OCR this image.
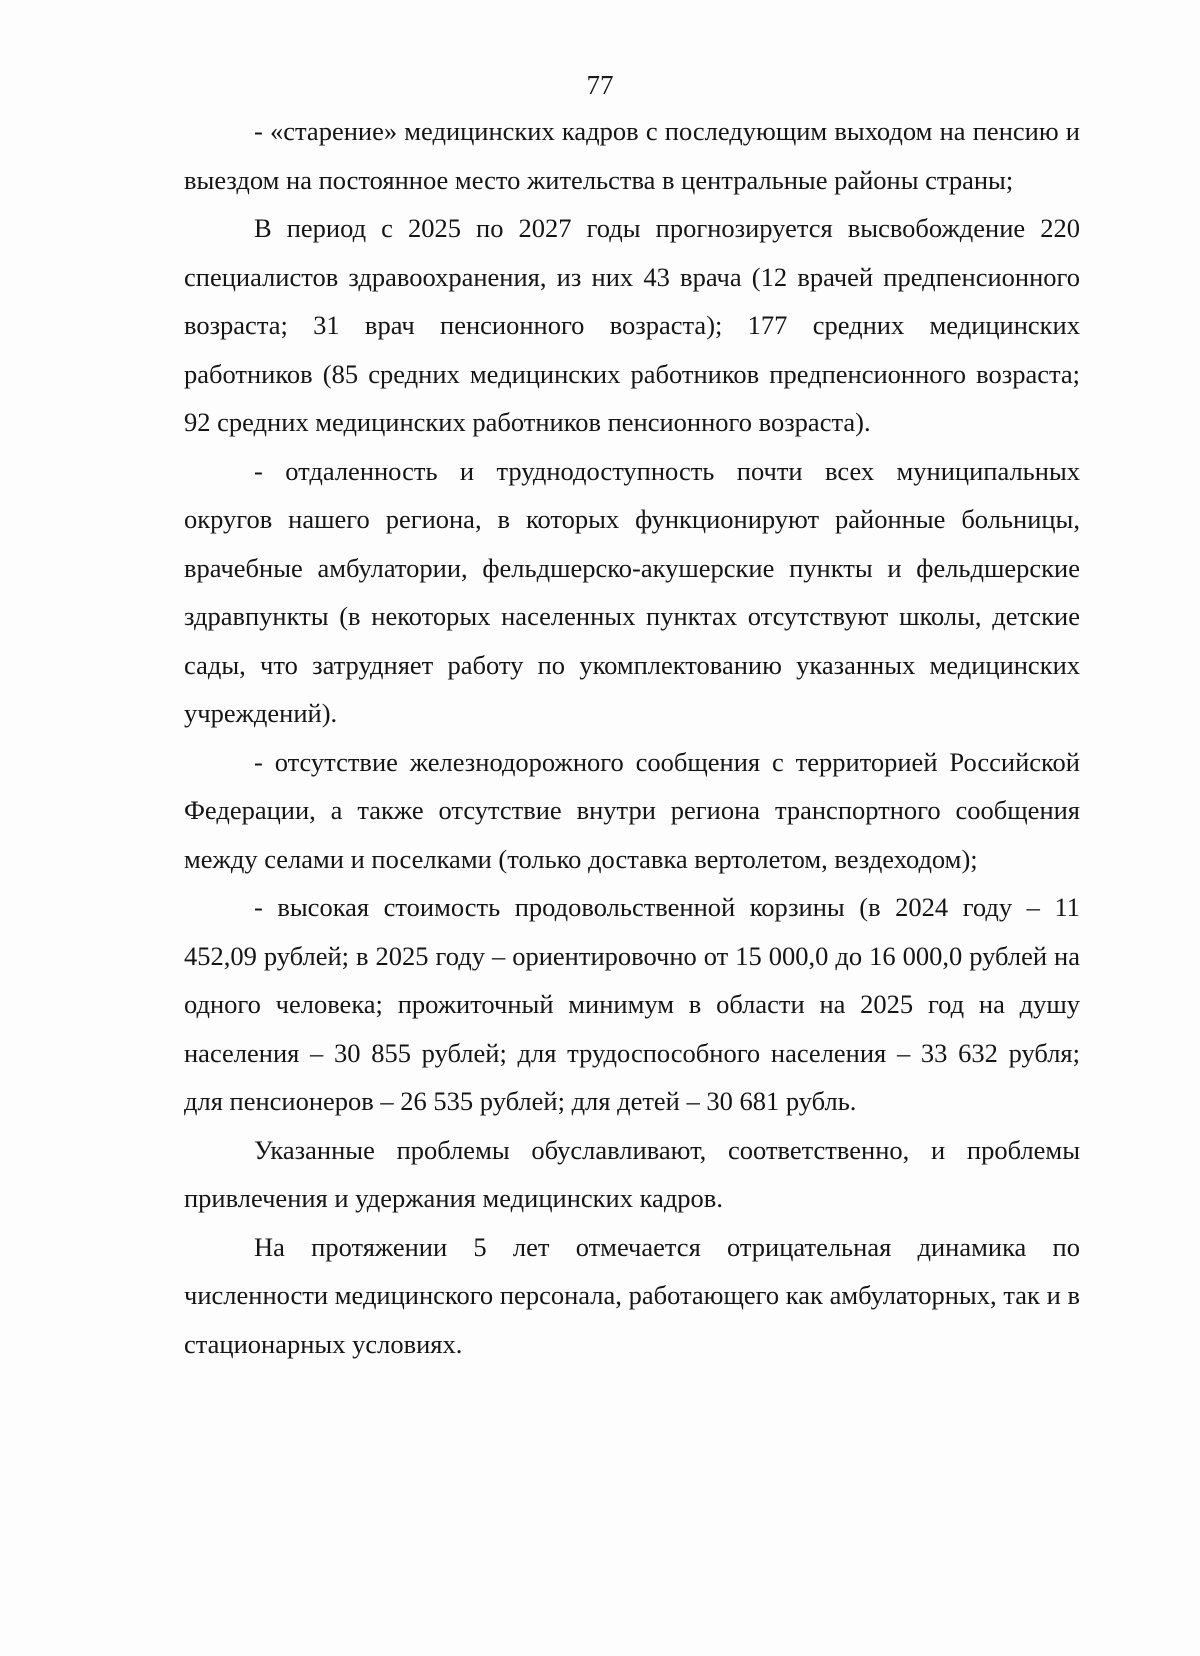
77

- «старение» медицинских кадров с последующим выходом на пенсию и выездом на постоянное место жительства в центральные районы страны;

В период с 2025 по 2027 годы прогнозируется высвобождение 220 специалистов здравоохранения, из них 43 врача (12 врачей предпенсионного возраста; 31 врач пенсионного возраста); 177 средних медицинских работников (85 средних медицинских работников предпенсионного возраста; 92 средних медицинских работников пенсионного возраста).

- отдаленность и труднодоступность почти всех муниципальных округов нашего региона, в которых функционируют районные больницы, врачебные амбулатории, фельдшерско-акушерские пункты и фельдшерские здравпункты (в некоторых населенных пунктах отсутствуют школы, детские сады, что затрудняет работу по укомплектованию указанных медицинских учреждений).

- отсутствие железнодорожного сообщения с территорией Российской Федерации, а также отсутствие внутри региона транспортного сообщения между селами и поселками (только доставка вертолетом, вездеходом);

- высокая стоимость продовольственной корзины (в 2024 году – 11 452,09 рублей; в 2025 году – ориентировочно от 15 000,0 до 16 000,0 рублей на одного человека; прожиточный минимум в области на 2025 год на душу населения – 30 855 рублей; для трудоспособного населения – 33 632 рубля; для пенсионеров – 26 535 рублей; для детей – 30 681 рубль.

Указанные проблемы обуславливают, соответственно, и проблемы привлечения и удержания медицинских кадров.

На протяжении 5 лет отмечается отрицательная динамика по численности медицинского персонала, работающего как амбулаторных, так и в стационарных условиях.
